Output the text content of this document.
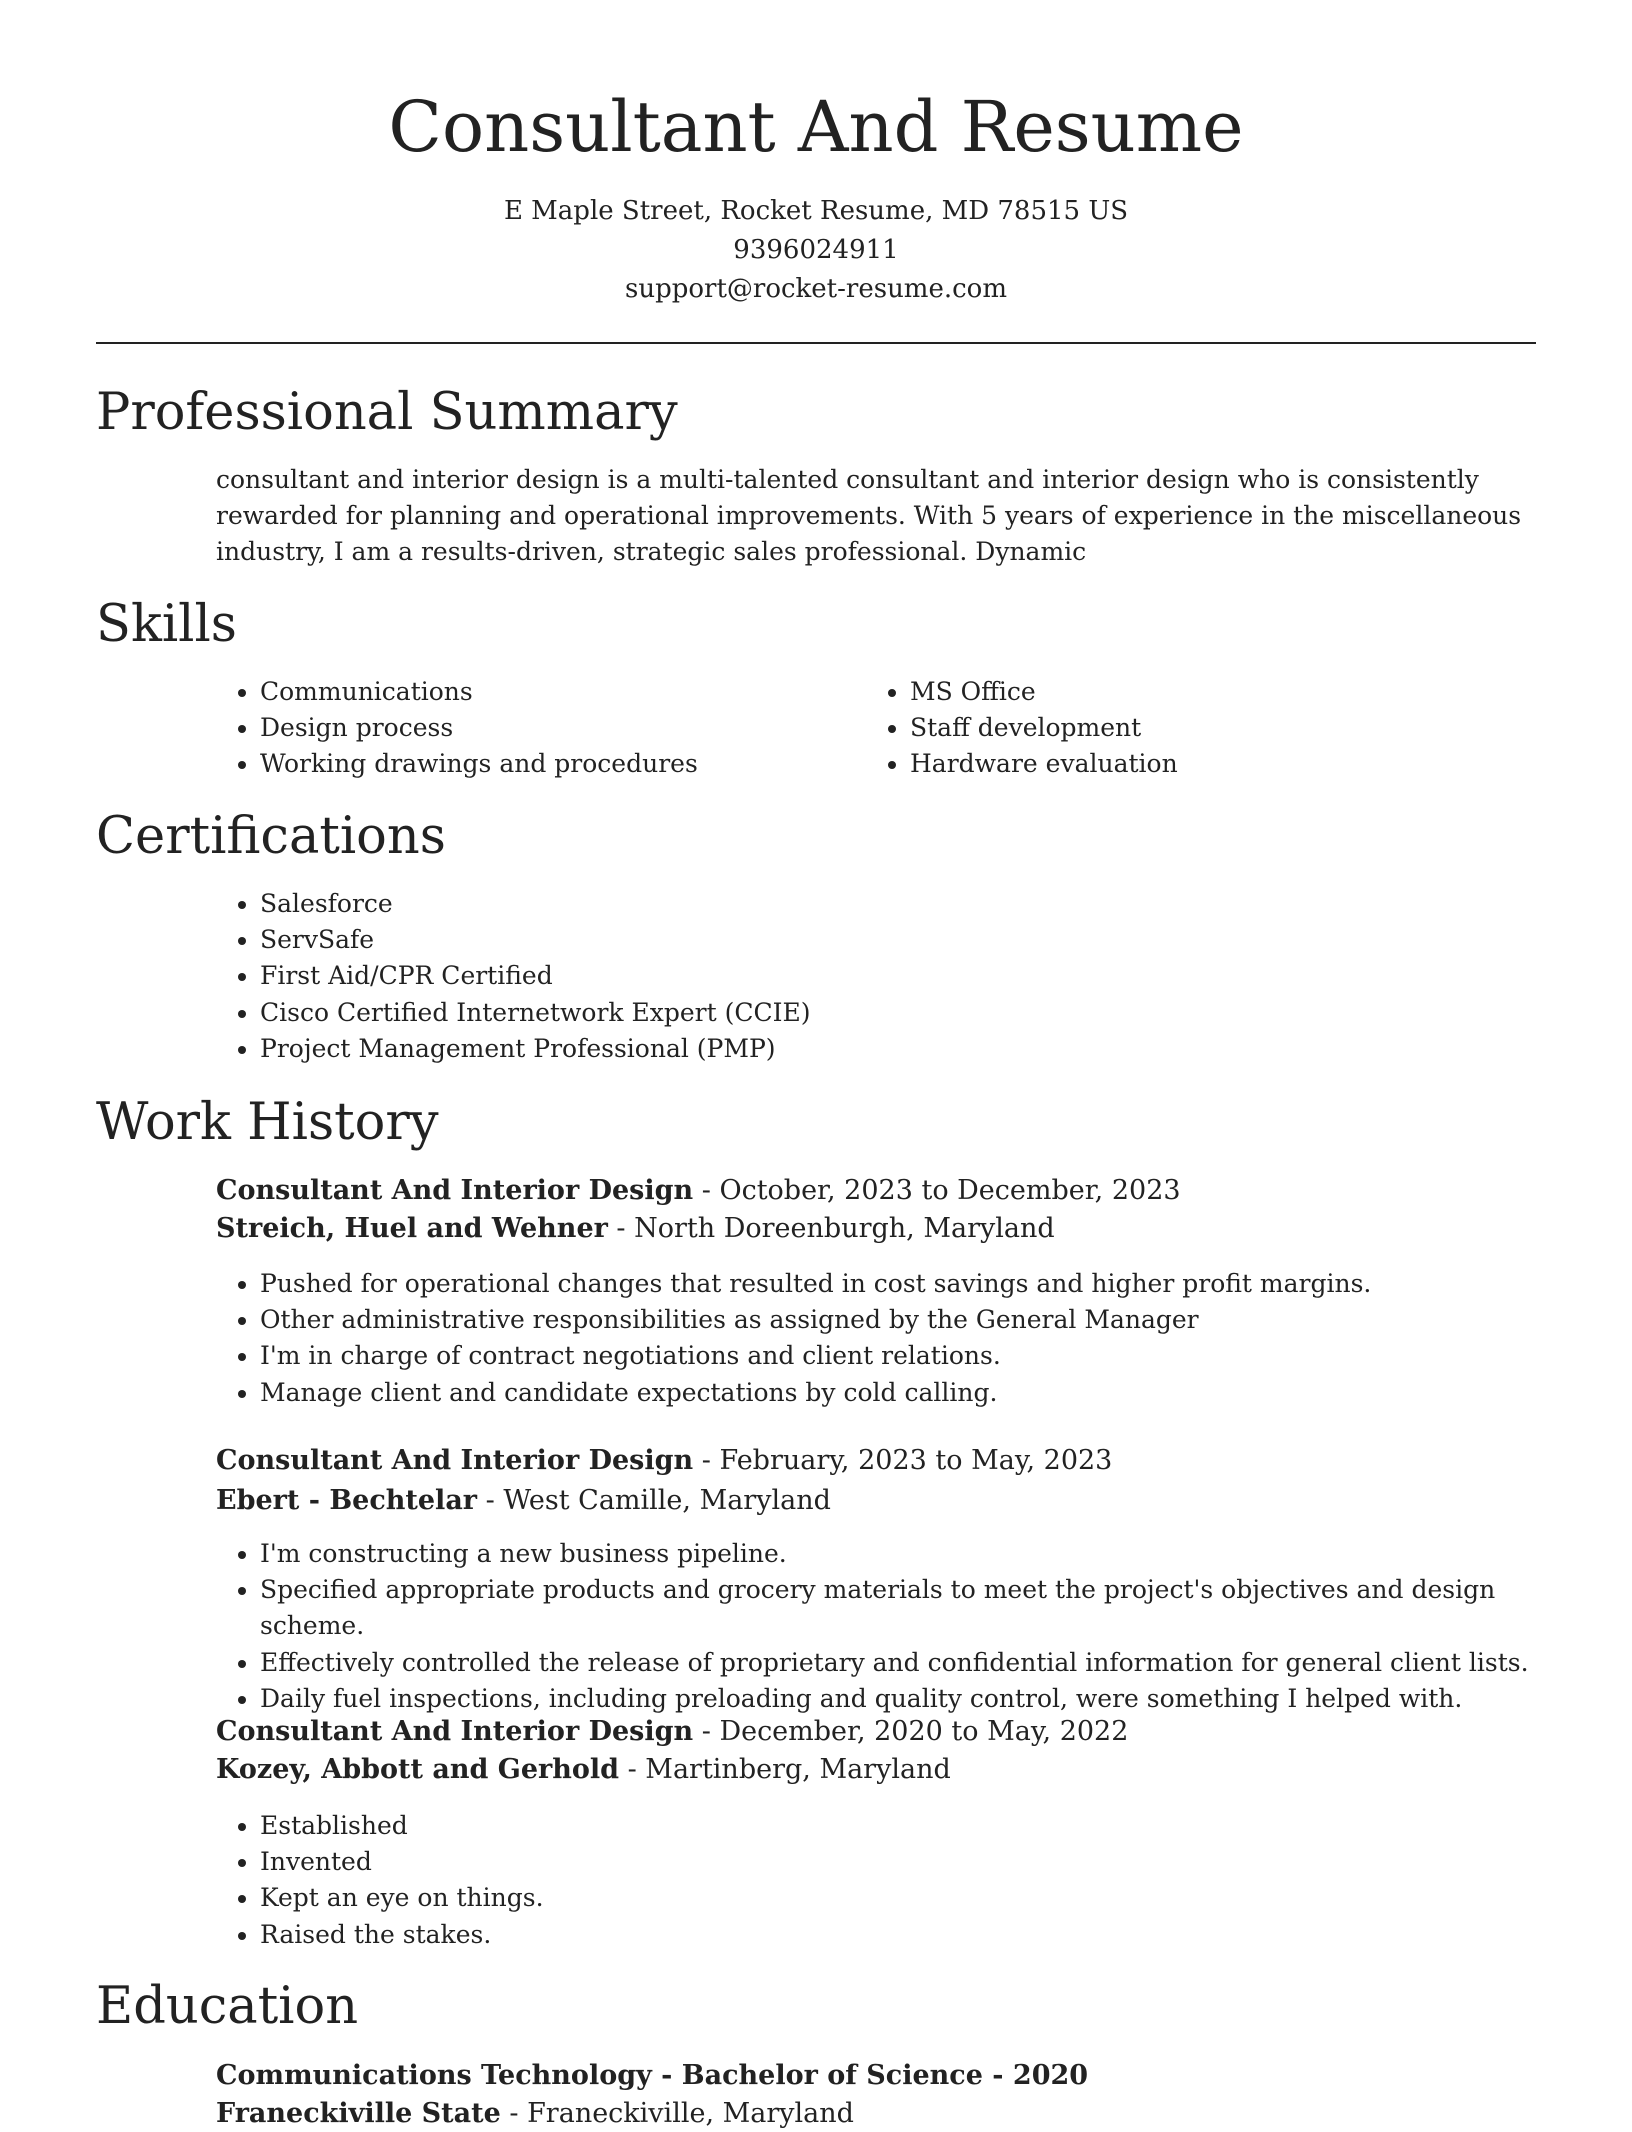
Consultant And Resume
E Maple Street, Rocket Resume, MD 78515 US
9396024911
support@rocket-resume.com
Professional Summary

consultant and interior design is a multi-talented consultant and interior design who is consistently rewarded for planning and operational improvements. With 5 years of experience in the miscellaneous industry, I am a results-driven, strategic sales professional. Dynamic

Skills
• Communications
• Design process
• Working drawings and procedures
• MS Office
• Staff development
• Hardware evaluation
Certifications
• Salesforce
• ServSafe
• First Aid/CPR Certified
• Cisco Certified Internetwork Expert (CCIE)
• Project Management Professional (PMP)
Work History
Consultant And Interior Design - October, 2023 to December, 2023
Streich, Huel and Wehner - North Doreenburgh, Maryland
• Pushed for operational changes that resulted in cost savings and higher profit margins.
• Other administrative responsibilities as assigned by the General Manager
• I'm in charge of contract negotiations and client relations.
• Manage client and candidate expectations by cold calling.
Consultant And Interior Design - February, 2023 to May, 2023
Ebert - Bechtelar - West Camille, Maryland
• I'm constructing a new business pipeline.
• Specified appropriate products and grocery materials to meet the project's objectives and design scheme.
• Effectively controlled the release of proprietary and confidential information for general client lists.
• Daily fuel inspections, including preloading and quality control, were something I helped with.
Consultant And Interior Design - December, 2020 to May, 2022
Kozey, Abbott and Gerhold - Martinberg, Maryland
• Established
• Invented
• Kept an eye on things.
• Raised the stakes.
Education
Communications Technology - Bachelor of Science - 2020
Franeckiville State - Franeckiville, Maryland
